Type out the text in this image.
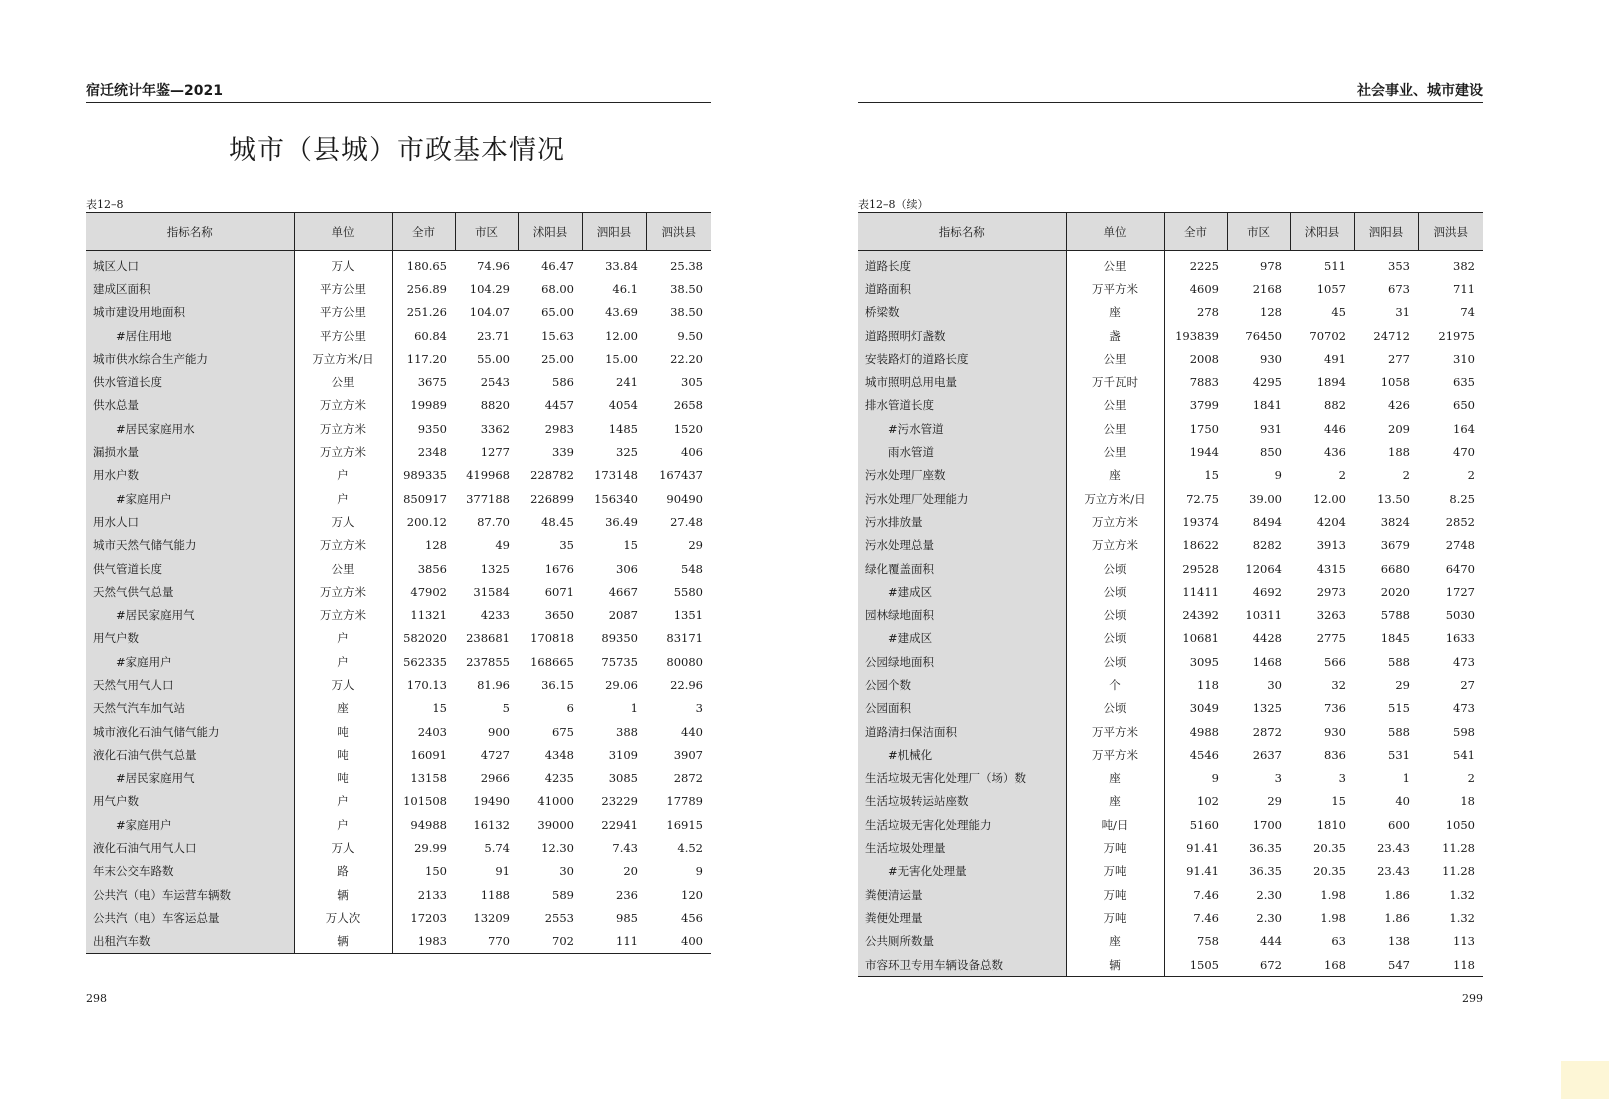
宿迁统计年鉴—2021
城市（县城）市政基本情况
表12–8
指标名称	单位	全市	市区	沭阳县	泗阳县	泗洪县
城区人口	万人	180.65	74.96	46.47	33.84	25.38
建成区面积	平方公里	256.89	104.29	68.00	46.1	38.50
城市建设用地面积	平方公里	251.26	104.07	65.00	43.69	38.50
#居住用地	平方公里	60.84	23.71	15.63	12.00	9.50
城市供水综合生产能力	万立方米/日	117.20	55.00	25.00	15.00	22.20
供水管道长度	公里	3675	2543	586	241	305
供水总量	万立方米	19989	8820	4457	4054	2658
#居民家庭用水	万立方米	9350	3362	2983	1485	1520
漏损水量	万立方米	2348	1277	339	325	406
用水户数	户	989335	419968	228782	173148	167437
#家庭用户	户	850917	377188	226899	156340	90490
用水人口	万人	200.12	87.70	48.45	36.49	27.48
城市天然气储气能力	万立方米	128	49	35	15	29
供气管道长度	公里	3856	1325	1676	306	548
天然气供气总量	万立方米	47902	31584	6071	4667	5580
#居民家庭用气	万立方米	11321	4233	3650	2087	1351
用气户数	户	582020	238681	170818	89350	83171
#家庭用户	户	562335	237855	168665	75735	80080
天然气用气人口	万人	170.13	81.96	36.15	29.06	22.96
天然气汽车加气站	座	15	5	6	1	3
城市液化石油气储气能力	吨	2403	900	675	388	440
液化石油气供气总量	吨	16091	4727	4348	3109	3907
#居民家庭用气	吨	13158	2966	4235	3085	2872
用气户数	户	101508	19490	41000	23229	17789
#家庭用户	户	94988	16132	39000	22941	16915
液化石油气用气人口	万人	29.99	5.74	12.30	7.43	4.52
年末公交车路数	路	150	91	30	20	9
公共汽（电）车运营车辆数	辆	2133	1188	589	236	120
公共汽（电）车客运总量	万人次	17203	13209	2553	985	456
出租汽车数	辆	1983	770	702	111	400
298
社会事业、城市建设
表12–8（续）
指标名称	单位	全市	市区	沭阳县	泗阳县	泗洪县
道路长度	公里	2225	978	511	353	382
道路面积	万平方米	4609	2168	1057	673	711
桥梁数	座	278	128	45	31	74
道路照明灯盏数	盏	193839	76450	70702	24712	21975
安装路灯的道路长度	公里	2008	930	491	277	310
城市照明总用电量	万千瓦时	7883	4295	1894	1058	635
排水管道长度	公里	3799	1841	882	426	650
#污水管道	公里	1750	931	446	209	164
雨水管道	公里	1944	850	436	188	470
污水处理厂座数	座	15	9	2	2	2
污水处理厂处理能力	万立方米/日	72.75	39.00	12.00	13.50	8.25
污水排放量	万立方米	19374	8494	4204	3824	2852
污水处理总量	万立方米	18622	8282	3913	3679	2748
绿化覆盖面积	公顷	29528	12064	4315	6680	6470
#建成区	公顷	11411	4692	2973	2020	1727
园林绿地面积	公顷	24392	10311	3263	5788	5030
#建成区	公顷	10681	4428	2775	1845	1633
公园绿地面积	公顷	3095	1468	566	588	473
公园个数	个	118	30	32	29	27
公园面积	公顷	3049	1325	736	515	473
道路清扫保洁面积	万平方米	4988	2872	930	588	598
#机械化	万平方米	4546	2637	836	531	541
生活垃圾无害化处理厂（场）数	座	9	3	3	1	2
生活垃圾转运站座数	座	102	29	15	40	18
生活垃圾无害化处理能力	吨/日	5160	1700	1810	600	1050
生活垃圾处理量	万吨	91.41	36.35	20.35	23.43	11.28
#无害化处理量	万吨	91.41	36.35	20.35	23.43	11.28
粪便清运量	万吨	7.46	2.30	1.98	1.86	1.32
粪便处理量	万吨	7.46	2.30	1.98	1.86	1.32
公共厕所数量	座	758	444	63	138	113
市容环卫专用车辆设备总数	辆	1505	672	168	547	118
299
